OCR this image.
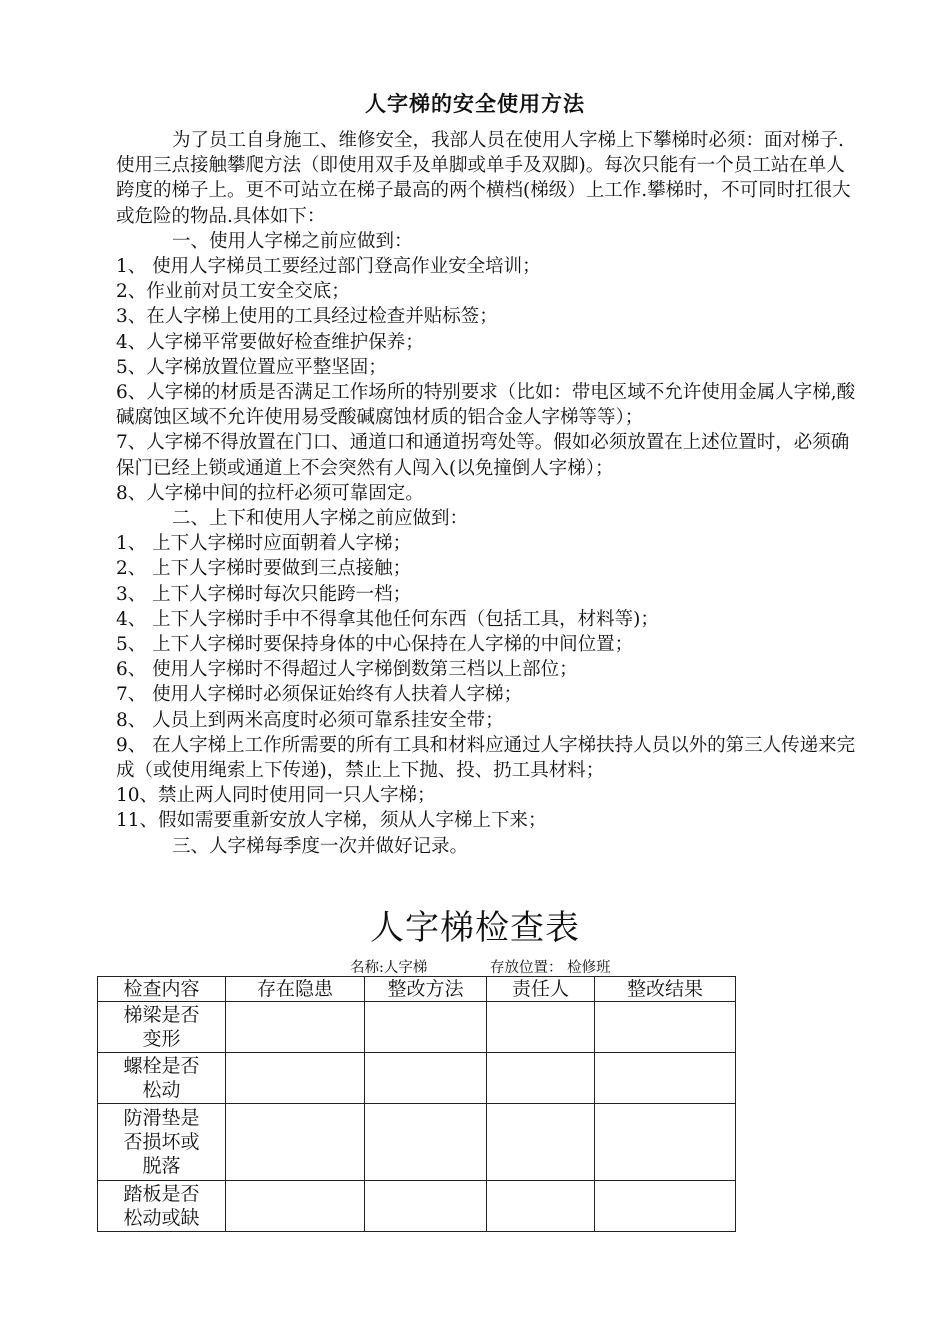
人字梯的安全使用方法

为了员工自身施工、维修安全，我部人员在使用人字梯上下攀梯时必须：面对梯子. 使用三点接触攀爬方法（即使用双手及单脚或单手及双脚)。每次只能有一个员工站在单人跨度的梯子上。更不可站立在梯子最高的两个横档(梯级）上工作.攀梯时，不可同时扛很大或危险的物品.具体如下：

一、使用人字梯之前应做到：

1、 使用人字梯员工要经过部门登高作业安全培训；

2、作业前对员工安全交底；

3、在人字梯上使用的工具经过检查并贴标签；

4、人字梯平常要做好检查维护保养；

5、人字梯放置位置应平整坚固；

6、人字梯的材质是否满足工作场所的特别要求（比如：带电区域不允许使用金属人字梯,酸碱腐蚀区域不允许使用易受酸碱腐蚀材质的铝合金人字梯等等）；

7、人字梯不得放置在门口、通道口和通道拐弯处等。假如必须放置在上述位置时，必须确保门已经上锁或通道上不会突然有人闯入(以免撞倒人字梯）；

8、人字梯中间的拉杆必须可靠固定。

二、上下和使用人字梯之前应做到：

1、 上下人字梯时应面朝着人字梯；

2、 上下人字梯时要做到三点接触；

3、 上下人字梯时每次只能跨一档；

4、 上下人字梯时手中不得拿其他任何东西（包括工具，材料等)；

5、 上下人字梯时要保持身体的中心保持在人字梯的中间位置；

6、 使用人字梯时不得超过人字梯倒数第三档以上部位；

7、 使用人字梯时必须保证始终有人扶着人字梯；

8、 人员上到两米高度时必须可靠系挂安全带；

9、 在人字梯上工作所需要的所有工具和材料应通过人字梯扶持人员以外的第三人传递来完成（或使用绳索上下传递)，禁止上下抛、投、扔工具材料；

10、禁止两人同时使用同一只人字梯；

11、假如需要重新安放人字梯，须从人字梯上下来；

三、人字梯每季度一次并做好记录。

人字梯检查表
名称:人字梯	存放位置： 检修班
检查内容	存在隐患	整改方法	责任人	整改结果

梯梁是否
变形				

螺栓是否
松动				

防滑垫是
否损坏或
脱落				

踏板是否
松动或缺				
